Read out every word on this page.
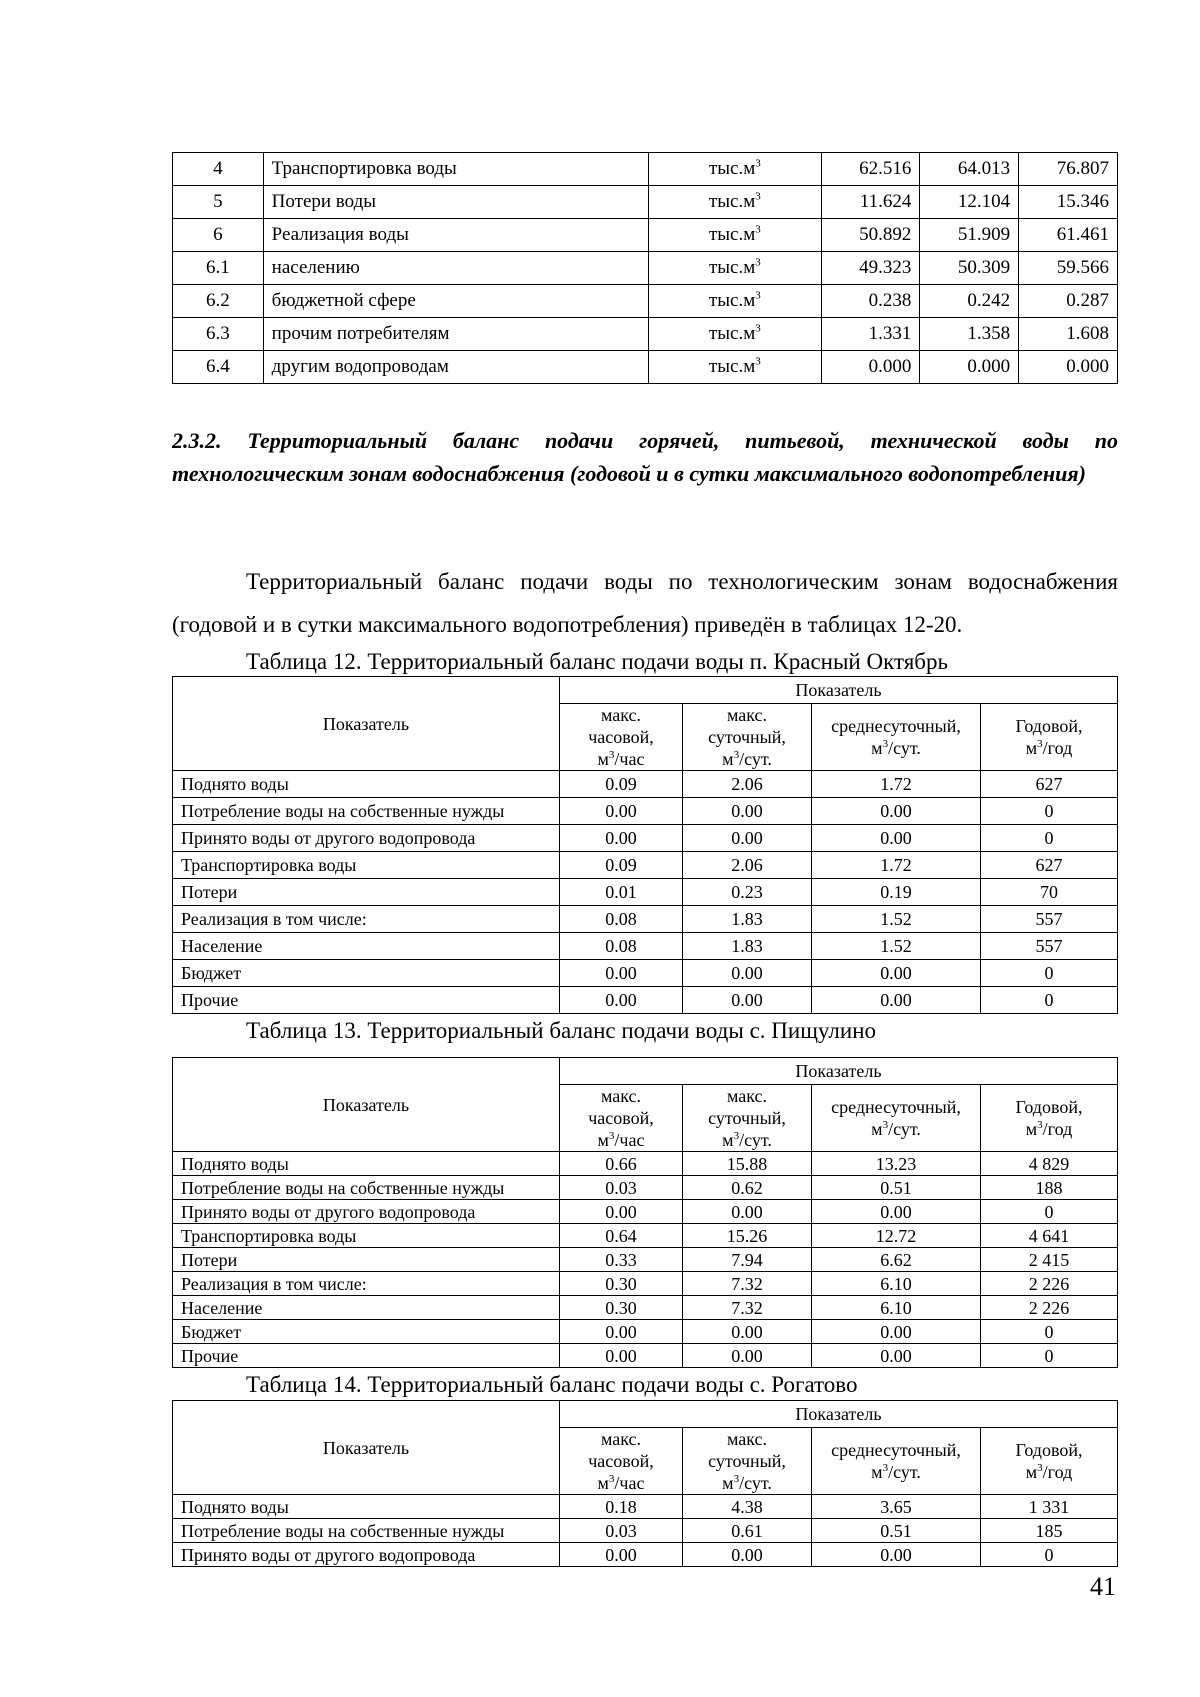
4	Транспортировка воды	$тыс.м^3$	62.516	64.013	76.807
5	Потери воды	$тыс.м^3$	11.624	12.104	15.346
6	Реализация воды	$тыс.м^3$	50.892	51.909	61.461
6.1	населению	$тыс.м^3$	49.323	50.309	59.566
6.2	бюджетной сфере	$тыс.м^3$	0.238	0.242	0.287
6.3	прочим потребителям	$тыс.м^3$	1.331	1.358	1.608
6.4	другим водопроводам	$тыс.м^3$	0.000	0.000	0.000

2.3.2. Территориальный баланс подачи горячей, питьевой, технической воды по технологическим зонам водоснабжения (годовой и в сутки максимального водопотребления)

Территориальный баланс подачи воды по технологическим зонам водоснабжения (годовой и в сутки максимального водопотребления) приведён в таблицах 12-20.

Таблица 12. Территориальный баланс подачи воды п. Красный Октябрь

Показатель	Показатель			
	макс.
часовой,
$м^3$/час	макс.
суточный,
$м^3$/сут.	среднесуточный,
$м^3$/сут.	Годовой,
$м^3$/год
Поднято воды	0.09	2.06	1.72	627
Потребление воды на собственные нужды	0.00	0.00	0.00	0
Принято воды от другого водопровода	0.00	0.00	0.00	0
Транспортировка воды	0.09	2.06	1.72	627
Потери	0.01	0.23	0.19	70
Реализация в том числе:	0.08	1.83	1.52	557
Население	0.08	1.83	1.52	557
Бюджет	0.00	0.00	0.00	0
Прочие	0.00	0.00	0.00	0

Таблица 13. Территориальный баланс подачи воды с. Пищулино

Показатель	Показатель			
	макс.
часовой,
$м^3$/час	макс.
суточный,
$м^3$/сут.	среднесуточный,
$м^3$/сут.	Годовой,
$м^3$/год
Поднято воды	0.66	15.88	13.23	4 829
Потребление воды на собственные нужды	0.03	0.62	0.51	188
Принято воды от другого водопровода	0.00	0.00	0.00	0
Транспортировка воды	0.64	15.26	12.72	4 641
Потери	0.33	7.94	6.62	2 415
Реализация в том числе:	0.30	7.32	6.10	2 226
Население	0.30	7.32	6.10	2 226
Бюджет	0.00	0.00	0.00	0
Прочие	0.00	0.00	0.00	0

Таблица 14. Территориальный баланс подачи воды с. Рогатово

Показатель	Показатель			
	макс.
часовой,
$м^3$/час	макс.
суточный,
$м^3$/сут.	среднесуточный,
$м^3$/сут.	Годовой,
$м^3$/год
Поднято воды	0.18	4.38	3.65	1 331
Потребление воды на собственные нужды	0.03	0.61	0.51	185
Принято воды от другого водопровода	0.00	0.00	0.00	0

41
